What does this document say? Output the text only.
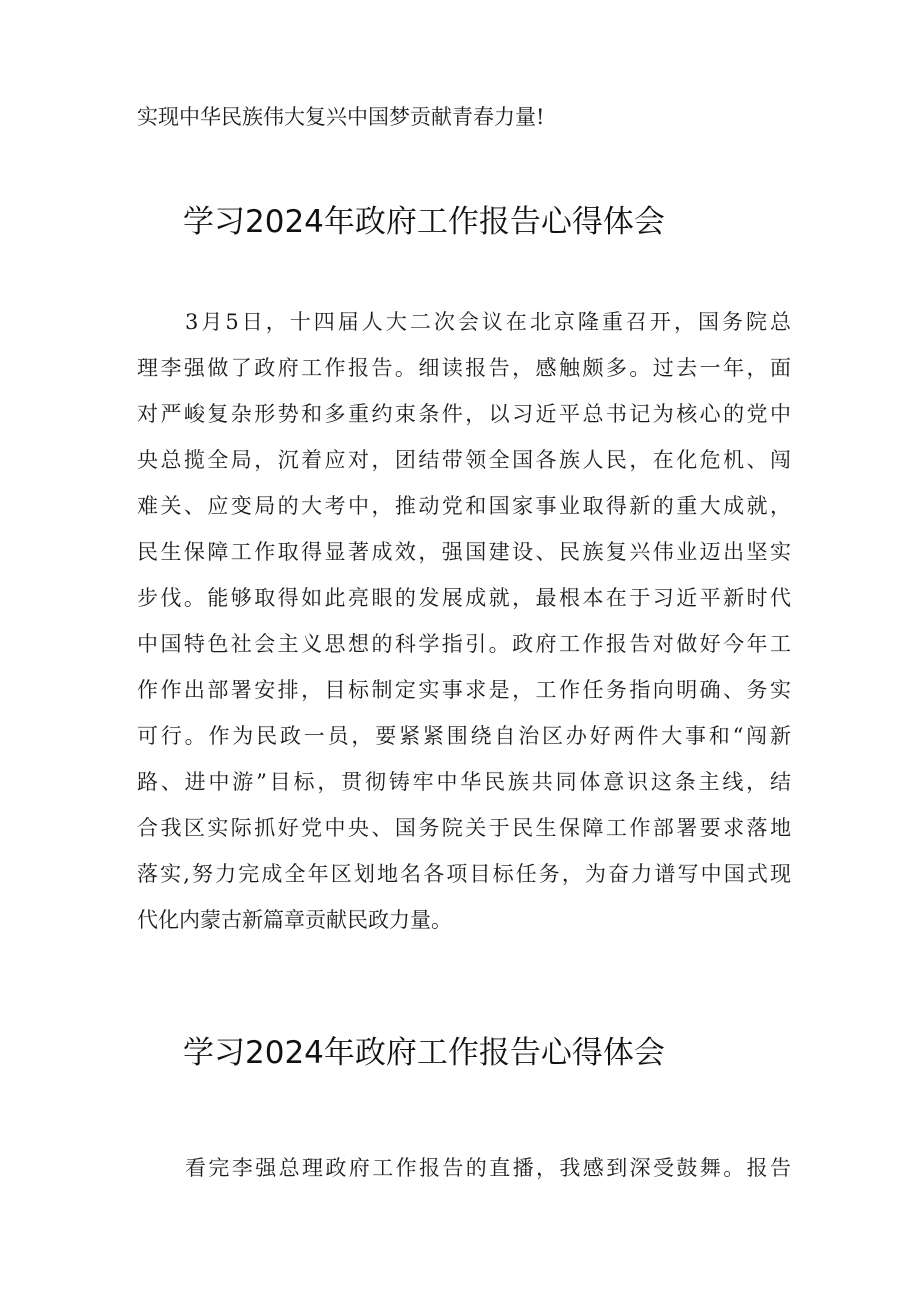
实现中华民族伟大复兴中国梦贡献青春力量!
学习2024年政府工作报告心得体会
3月5日，十四届人大二次会议在北京隆重召开，国务院总
理李强做了政府工作报告。细读报告，感触颇多。过去一年，面
对严峻复杂形势和多重约束条件，以习近平总书记为核心的党中
央总揽全局，沉着应对，团结带领全国各族人民，在化危机、闯
难关、应变局的大考中，推动党和国家事业取得新的重大成就，
民生保障工作取得显著成效，强国建设、民族复兴伟业迈出坚实
步伐。能够取得如此亮眼的发展成就，最根本在于习近平新时代
中国特色社会主义思想的科学指引。政府工作报告对做好今年工
作作出部署安排，目标制定实事求是，工作任务指向明确、务实
可行。作为民政一员，要紧紧围绕自治区办好两件大事和“闯新
路、进中游”目标，贯彻铸牢中华民族共同体意识这条主线，结
合我区实际抓好党中央、国务院关于民生保障工作部署要求落地
落实,努力完成全年区划地名各项目标任务，为奋力谱写中国式现
代化内蒙古新篇章贡献民政力量。
学习2024年政府工作报告心得体会
看完李强总理政府工作报告的直播，我感到深受鼓舞。报告
